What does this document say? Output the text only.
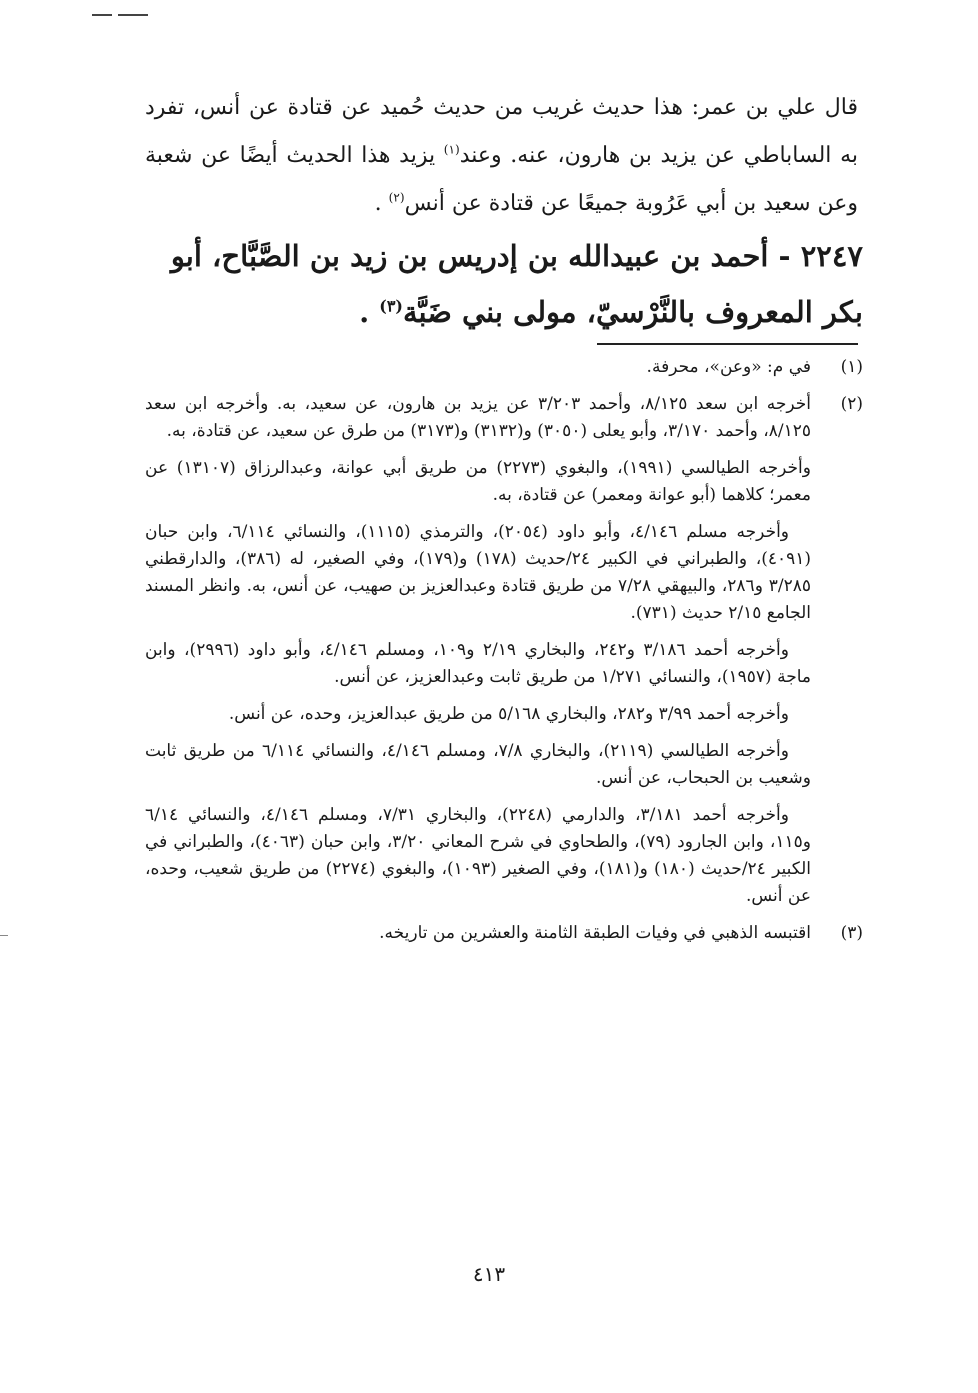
قال علي بن عمر: هذا حديث غريب من حديث حُميد عن قتادة عن أنس، تفرد به الساباطي عن يزيد بن هارون، عنه. وعند$^{(١)}$ يزيد هذا الحديث أيضًا عن شعبة وعن سعيد بن أبي عَرُوبة جميعًا عن قتادة عن أنس$^{(٢)}$ .

٢٢٤٧ - أحمد بن عبيدالله بن إدريس بن زيد بن الصَّبَّاح، أبو بكر المعروف بالنَّرْسيّ، مولى بني ضَبَّة$^{(٣)}$ .

(١)

في م: «وعن»، محرفة.

(٢)

أخرجه ابن سعد ٨/١٢٥، وأحمد ٣/٢٠٣ عن يزيد بن هارون، عن سعيد، به. وأخرجه ابن سعد ٨/١٢٥، وأحمد ٣/١٧٠، وأبو يعلى (٣٠٥٠) و(٣١٣٢) و(٣١٧٣) من طرق عن سعيد، عن قتادة، به.

وأخرجه الطيالسي (١٩٩١)، والبغوي (٢٢٧٣) من طريق أبي عوانة، وعبدالرزاق (١٣١٠٧) عن معمر؛ كلاهما (أبو عوانة ومعمر) عن قتادة، به.

وأخرجه مسلم ٤/١٤٦، وأبو داود (٢٠٥٤)، والترمذي (١١١٥)، والنسائي ٦/١١٤، وابن حبان (٤٠٩١)، والطبراني في الكبير ٢٤/حديث (١٧٨) و(١٧٩)، وفي الصغير، له (٣٨٦)، والدارقطني ٣/٢٨٥ و٢٨٦، والبيهقي ٧/٢٨ من طريق قتادة وعبدالعزيز بن صهيب، عن أنس، به. وانظر المسند الجامع ٢/١٥ حديث (٧٣١).

وأخرجه أحمد ٣/١٨٦ و٢٤٢، والبخاري ٢/١٩ و١٠٩، ومسلم ٤/١٤٦، وأبو داود (٢٩٩٦)، وابن ماجة (١٩٥٧)، والنسائي ١/٢٧١ من طريق ثابت وعبدالعزيز، عن أنس.

وأخرجه أحمد ٣/٩٩ و٢٨٢، والبخاري ٥/١٦٨ من طريق عبدالعزيز، وحده، عن أنس.

وأخرجه الطيالسي (٢١١٩)، والبخاري ٧/٨، ومسلم ٤/١٤٦، والنسائي ٦/١١٤ من طريق ثابت وشعيب بن الحبحاب، عن أنس.

وأخرجه أحمد ٣/١٨١، والدارمي (٢٢٤٨)، والبخاري ٧/٣١، ومسلم ٤/١٤٦، والنسائي ٦/١٤ و١١٥، وابن الجارود (٧٩)، والطحاوي في شرح المعاني ٣/٢٠، وابن حبان (٤٠٦٣)، والطبراني في الكبير ٢٤/حديث (١٨٠) و(١٨١)، وفي الصغير (١٠٩٣)، والبغوي (٢٢٧٤) من طريق شعيب، وحده، عن أنس.

(٣)

اقتبسه الذهبي في وفيات الطبقة الثامنة والعشرين من تاريخه.

٤١٣
